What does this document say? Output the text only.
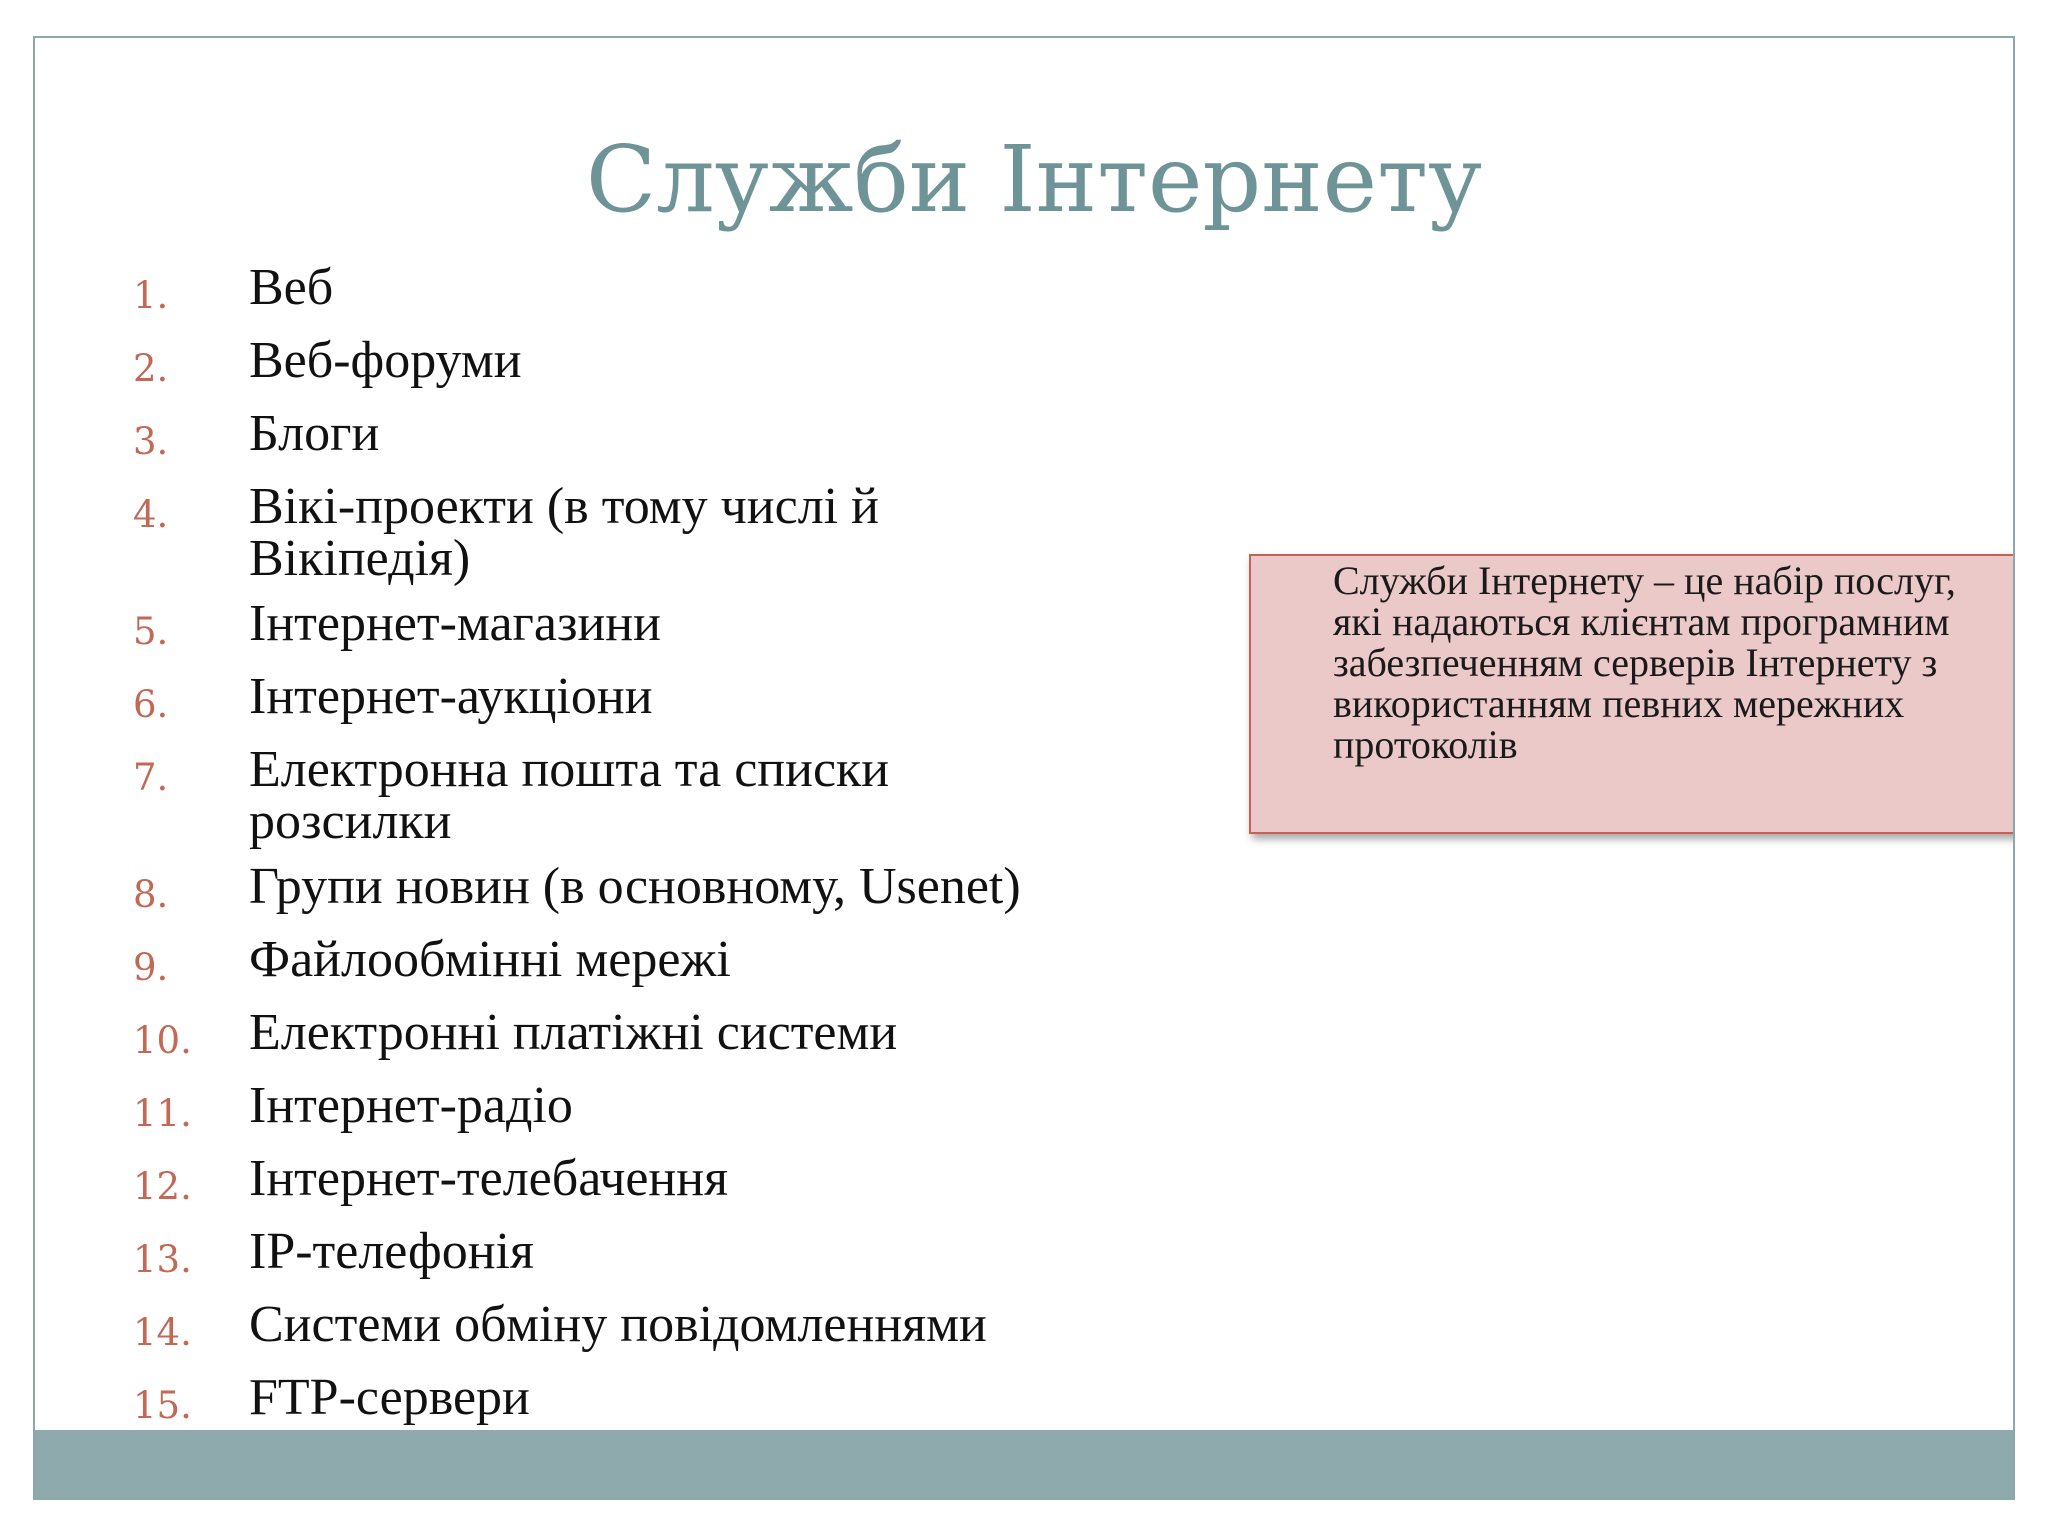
Служби Інтернету
1.	Веб
2.	Веб-форуми
3.	Блоги
4.	Вікі-проекти (в тому числі й Вікіпедія)
5.	Інтернет-магазини
6.	Інтернет-аукціони
7.	Електронна пошта та списки розсилки
8.	Групи новин (в основному, Usenet)
9.	Файлообмінні мережі
10.	Електронні платіжні системи
11.	Інтернет-радіо
12.	Інтернет-телебачення
13.	IP-телефонія
14.	Системи обміну повідомленнями
15.	FTP-сервери

Служби Інтернету – це набір послуг, які надаються клієнтам програмним забезпеченням серверів Інтернету з використанням певних мережних протоколів
